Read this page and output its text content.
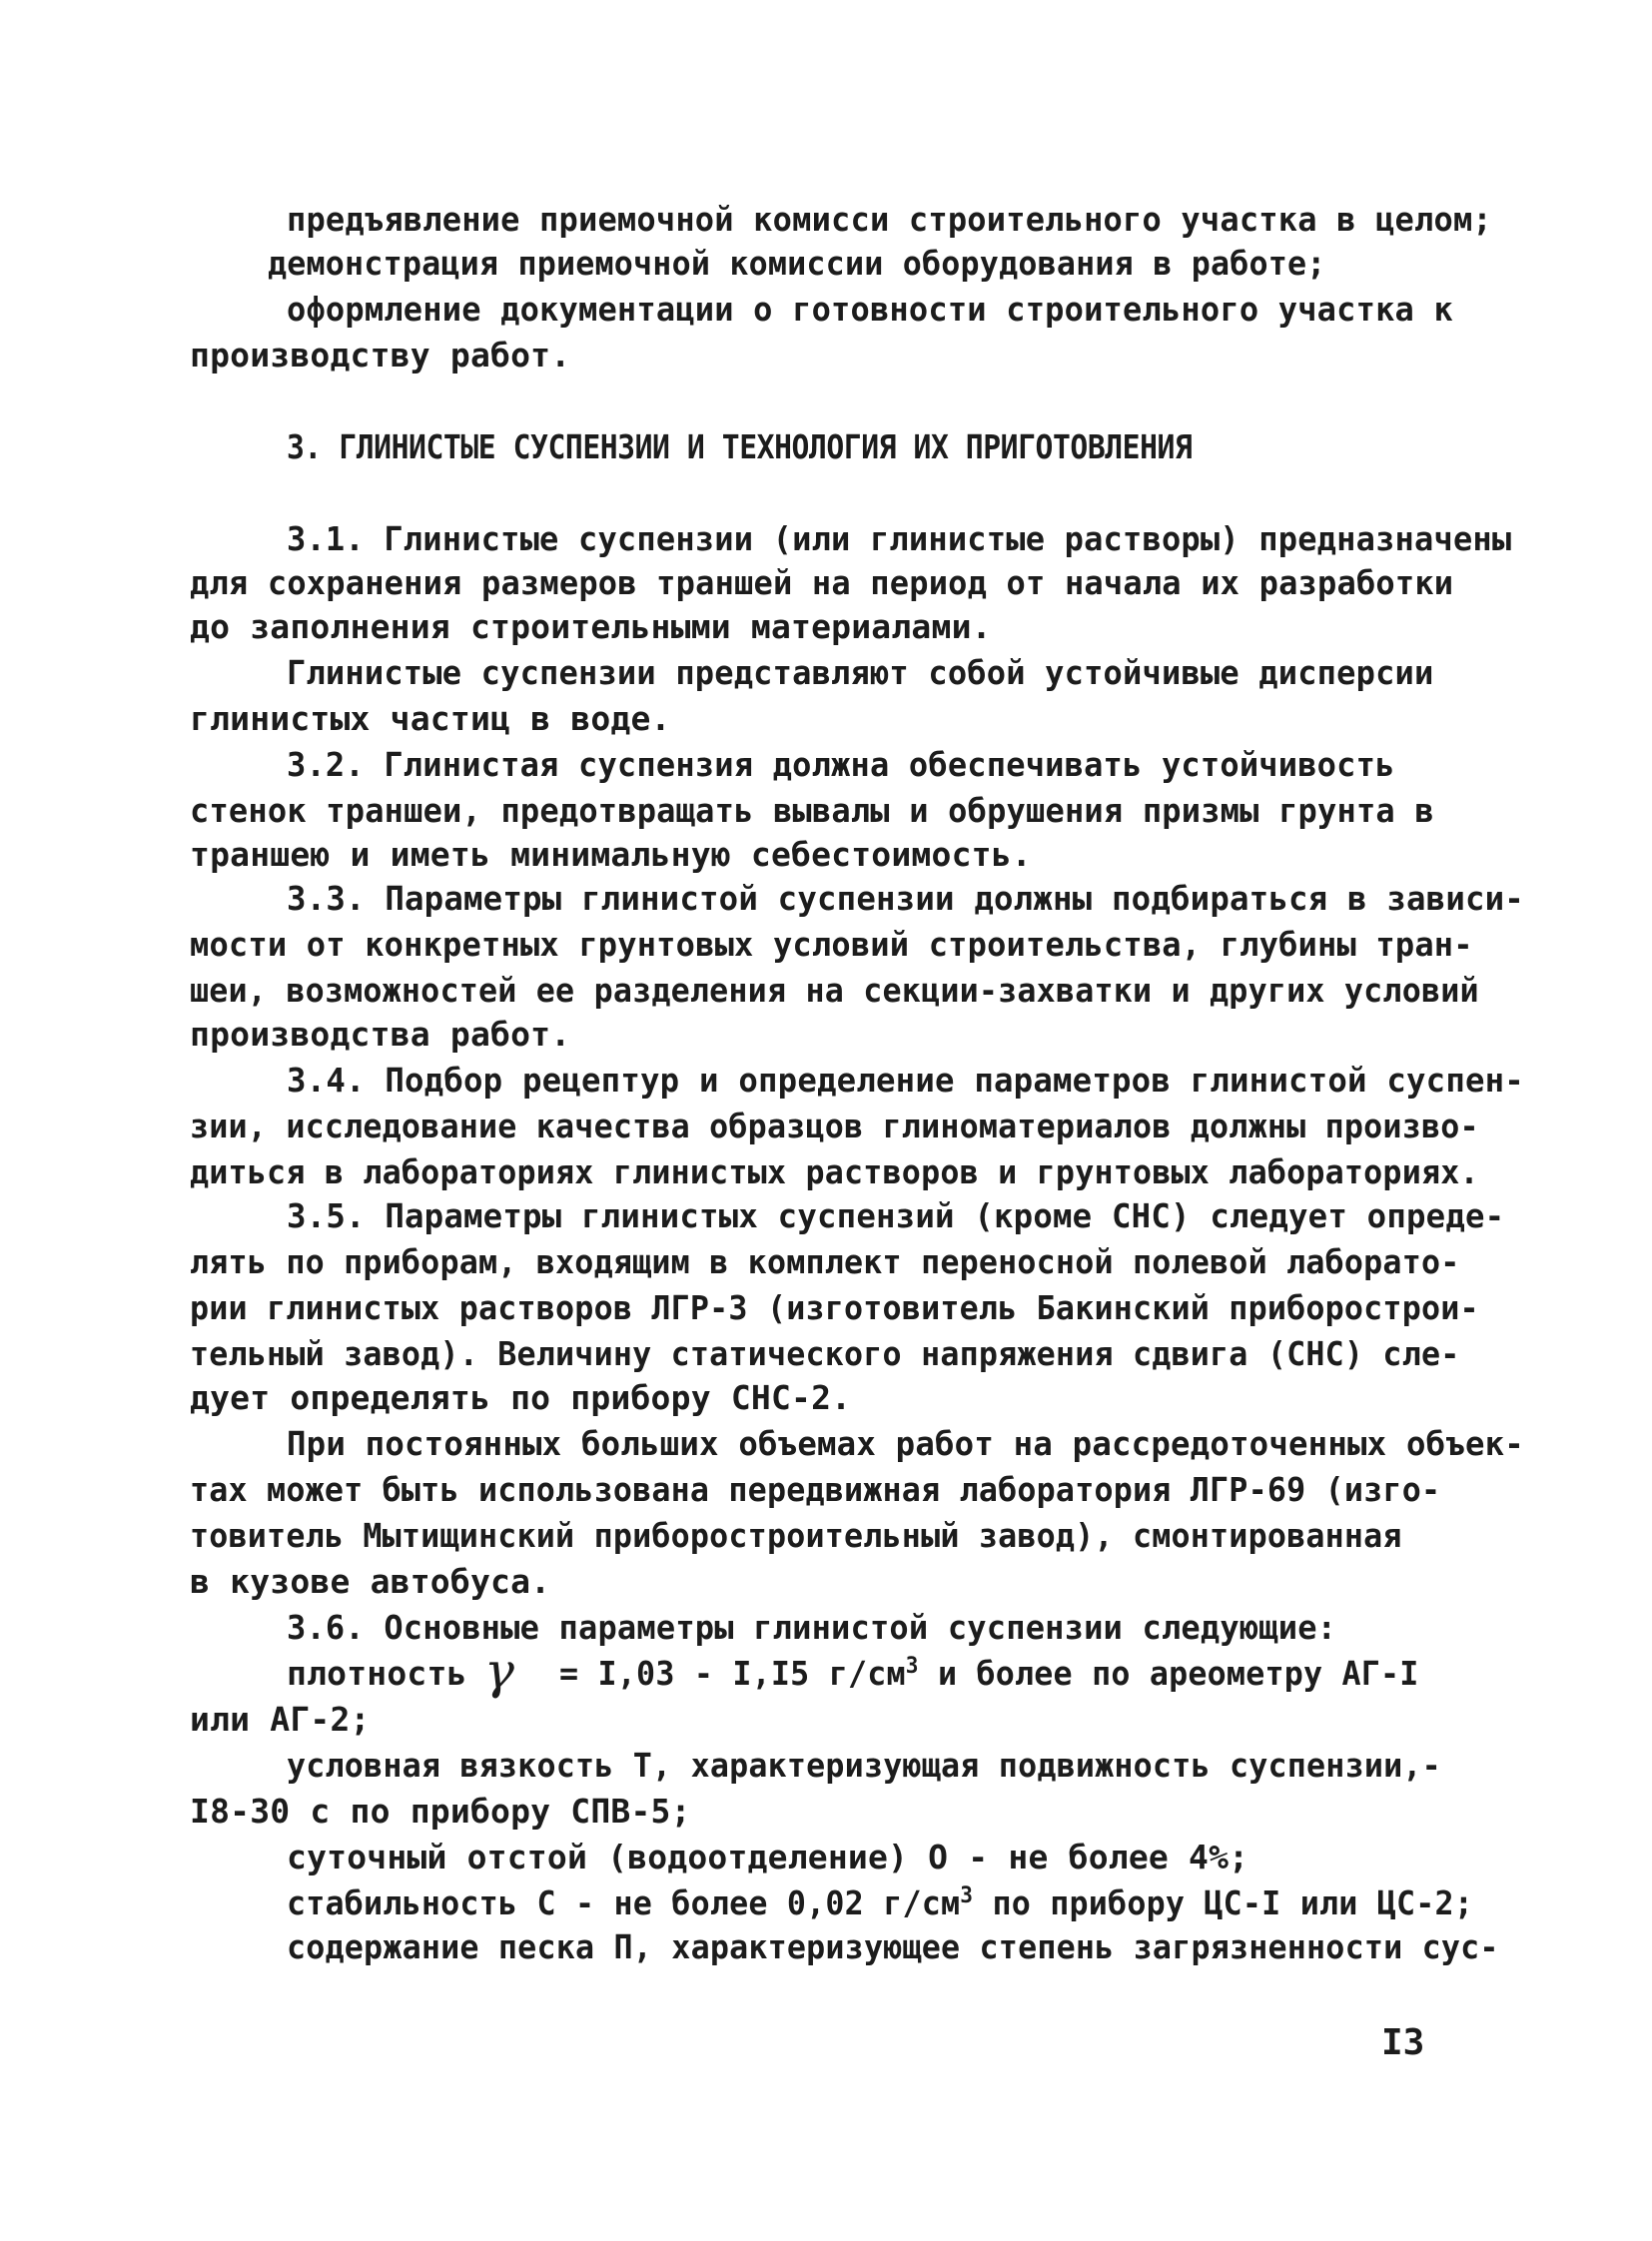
предъявление приемочной комисси строительного участка в целом;
демонстрация приемочной комиссии оборудования в работе;
оформление документации о готовности строительного участка к
производству работ.
3. ГЛИНИСТЫЕ СУСПЕНЗИИ И ТЕХНОЛОГИЯ ИХ ПРИГОТОВЛЕНИЯ
3.1. Глинистые суспензии (или глинистые растворы) предназначены
для сохранения размеров траншей на период от начала их разработки
до заполнения строительными материалами.
Глинистые суспензии представляют собой устойчивые дисперсии
глинистых частиц в воде.
3.2. Глинистая суспензия должна обеспечивать устойчивость
стенок траншеи, предотвращать вывалы и обрушения призмы грунта в
траншею и иметь минимальную себестоимость.
3.3. Параметры глинистой суспензии должны подбираться в зависи-
мости от конкретных грунтовых условий строительства, глубины тран-
шеи, возможностей ее разделения на секции-захватки и других условий
производства работ.
3.4. Подбор рецептур и определение параметров глинистой суспен-
зии, исследование качества образцов глиноматериалов должны произво-
диться в лабораториях глинистых растворов и грунтовых лабораториях.
3.5. Параметры глинистых суспензий (кроме СНС) следует опреде-
лять по приборам, входящим в комплект переносной полевой лаборато-
рии глинистых растворов ЛГР-3 (изготовитель Бакинский приборострои-
тельный завод). Величину статического напряжения сдвига (СНС) сле-
дует определять по прибору СНС-2.
При постоянных больших объемах работ на рассредоточенных объек-
тах может быть использована передвижная лаборатория ЛГР-69 (изго-
товитель Мытищинский приборостроительный завод), смонтированная
в кузове автобуса.
3.6. Основные параметры глинистой суспензии следующие:
плотность γ = I,03 - I,I5 $г/см^3$ и более по ареометру АГ-I
или АГ-2;
условная вязкость Т, характеризующая подвижность суспензии,-
I8-30 с по прибору СПВ-5;
суточный отстой (водоотделение) О - не более 4%;
стабильность С - не более 0,02 $г/см^3$ по прибору ЦС-I или ЦС-2;
содержание песка П, характеризующее степень загрязненности сус-
I3
